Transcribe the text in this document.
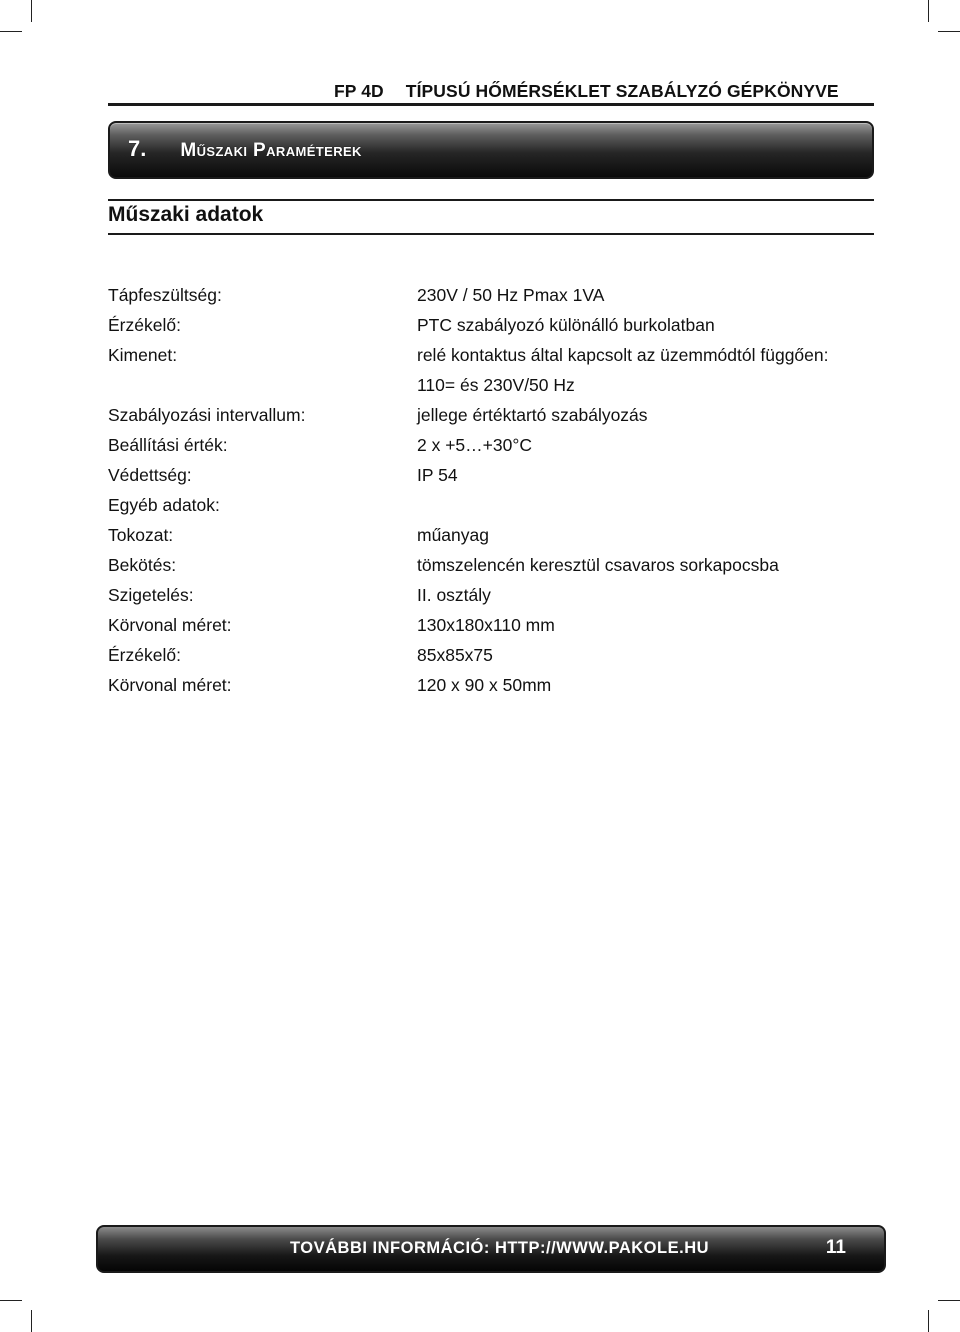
FP 4D TÍPUSÚ HŐMÉRSÉKLET SZABÁLYZÓ GÉPKÖNYVE
7. Műszaki Paraméterek
Műszaki adatok
Tápfeszültség:	230V / 50 Hz Pmax 1VA
Érzékelő:	PTC szabályozó különálló burkolatban
Kimenet:	relé kontaktus által kapcsolt az üzemmódtól függően:
110= és 230V/50 Hz
Szabályozási intervallum:	jellege értéktartó szabályozás
Beállítási érték:	2 x +5…+30°C
Védettség:	IP 54
Egyéb adatok:
Tokozat:	műanyag
Bekötés:	tömszelencén keresztül csavaros sorkapocsba
Szigetelés:	II. osztály
Körvonal méret:	130x180x110 mm
Érzékelő:	85x85x75
Körvonal méret:	120 x 90 x 50mm
TOVÁBBI INFORMÁCIÓ: HTTP://WWW.PAKOLE.HU	11
